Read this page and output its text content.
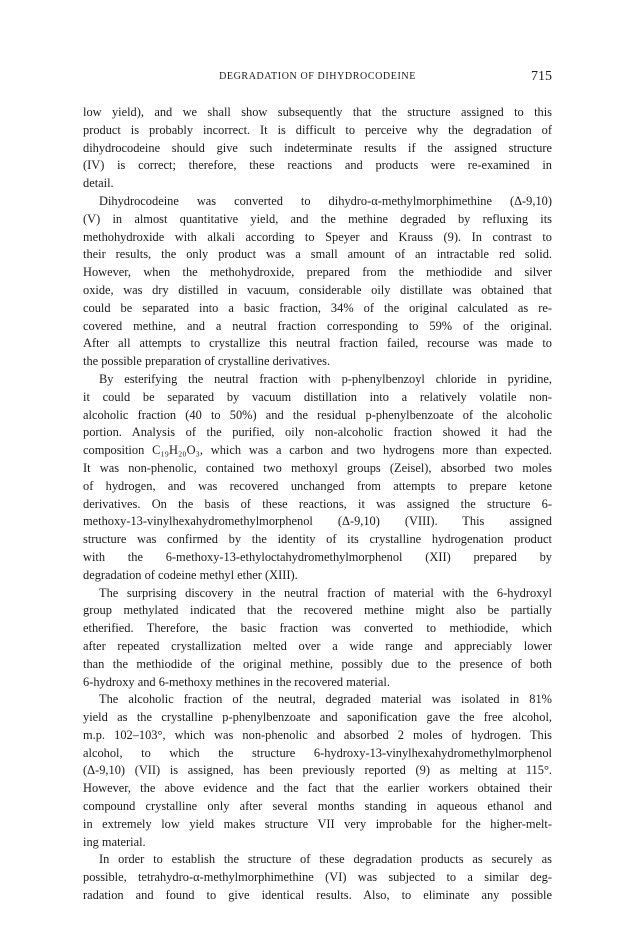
DEGRADATION OF DIHYDROCODEINE	715
low yield), and we shall show subsequently that the structure assigned to this
product is probably incorrect. It is difficult to perceive why the degradation of
dihydrocodeine should give such indeterminate results if the assigned structure
(IV) is correct; therefore, these reactions and products were re-examined in
detail.
Dihydrocodeine was converted to dihydro-α-methylmorphimethine (Δ-9,10)
(V) in almost quantitative yield, and the methine degraded by refluxing its
methohydroxide with alkali according to Speyer and Krauss (9). In contrast to
their results, the only product was a small amount of an intractable red solid.
However, when the methohydroxide, prepared from the methiodide and silver
oxide, was dry distilled in vacuum, considerable oily distillate was obtained that
could be separated into a basic fraction, 34% of the original calculated as re-
covered methine, and a neutral fraction corresponding to 59% of the original.
After all attempts to crystallize this neutral fraction failed, recourse was made to
the possible preparation of crystalline derivatives.
By esterifying the neutral fraction with p-phenylbenzoyl chloride in pyridine,
it could be separated by vacuum distillation into a relatively volatile non-
alcoholic fraction (40 to 50%) and the residual p-phenylbenzoate of the alcoholic
portion. Analysis of the purified, oily non-alcoholic fraction showed it had the
composition C₁₉H₂₀O₃, which was a carbon and two hydrogens more than expected.
It was non-phenolic, contained two methoxyl groups (Zeisel), absorbed two moles
of hydrogen, and was recovered unchanged from attempts to prepare ketone
derivatives. On the basis of these reactions, it was assigned the structure 6-
methoxy-13-vinylhexahydromethylmorphenol (Δ-9,10) (VIII). This assigned
structure was confirmed by the identity of its crystalline hydrogenation product
with the 6-methoxy-13-ethyloctahydromethylmorphenol (XII) prepared by
degradation of codeine methyl ether (XIII).
The surprising discovery in the neutral fraction of material with the 6-hydroxyl
group methylated indicated that the recovered methine might also be partially
etherified. Therefore, the basic fraction was converted to methiodide, which
after repeated crystallization melted over a wide range and appreciably lower
than the methiodide of the original methine, possibly due to the presence of both
6-hydroxy and 6-methoxy methines in the recovered material.
The alcoholic fraction of the neutral, degraded material was isolated in 81%
yield as the crystalline p-phenylbenzoate and saponification gave the free alcohol,
m.p. 102–103°, which was non-phenolic and absorbed 2 moles of hydrogen. This
alcohol, to which the structure 6-hydroxy-13-vinylhexahydromethylmorphenol
(Δ-9,10) (VII) is assigned, has been previously reported (9) as melting at 115°.
However, the above evidence and the fact that the earlier workers obtained their
compound crystalline only after several months standing in aqueous ethanol and
in extremely low yield makes structure VII very improbable for the higher-melt-
ing material.
In order to establish the structure of these degradation products as securely as
possible, tetrahydro-α-methylmorphimethine (VI) was subjected to a similar deg-
radation and found to give identical results. Also, to eliminate any possible
